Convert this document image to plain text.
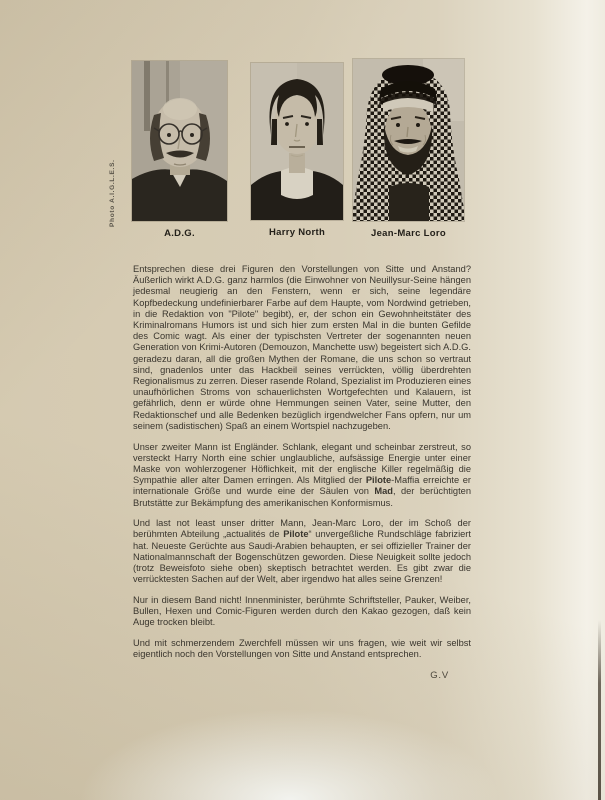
Photo A.I.G.L.E.S.
A.D.G.	Harry North	Jean-Marc Loro

Entsprechen diese drei Figuren den Vorstellungen von Sitte und Anstand? Äußerlich wirkt A.D.G. ganz harmlos (die Einwohner von Neuillysur-Seine hängen jedesmal neugierig an den Fenstern, wenn er sich, seine legendäre Kopfbedeckung undefinierbarer Farbe auf dem Haupte, vom Nordwind getrieben, in die Redaktion von "Pilote" begibt), er, der schon ein Gewohnheitstäter des Kriminalromans Humors ist und sich hier zum ersten Mal in die bunten Gefilde des Comic wagt. Als einer der typischsten Vertreter der sogenannten neuen Generation von Krimi-Autoren (Demouzon, Manchette usw) begeistert sich A.D.G. geradezu daran, all die großen Mythen der Romane, die uns schon so vertraut sind, gnadenlos unter das Hackbeil seines verrückten, völlig überdrehten Regionalismus zu zerren. Dieser rasende Roland, Spezialist im Produzieren eines unaufhörlichen Stroms von schauerlichsten Wortgefechten und Kalauern, ist gefährlich, denn er würde ohne Hemmungen seinen Vater, seine Mutter, den Redaktionschef und alle Bedenken bezüglich irgendwelcher Fans opfern, nur um seinem (sadistischen) Spaß an einem Wortspiel nachzugeben.

Unser zweiter Mann ist Engländer. Schlank, elegant und scheinbar zerstreut, so versteckt Harry North eine schier unglaubliche, aufsässige Energie unter einer Maske von wohlerzogener Höflichkeit, mit der englische Killer regelmäßig die Sympathie aller alter Damen erringen. Als Mitglied der Pilote-Maffia erreichte er internationale Größe und wurde eine der Säulen von Mad, der berüchtigten Brutstätte zur Bekämpfung des amerikanischen Konformismus.

Und last not least unser dritter Mann, Jean-Marc Loro, der im Schoß der berühmten Abteilung „actualités de Pilote“ unvergeßliche Rundschläge fabriziert hat. Neueste Gerüchte aus Saudi-Arabien behaupten, er sei offizieller Trainer der Nationalmannschaft der Bogenschützen geworden. Diese Neuigkeit sollte jedoch (trotz Beweisfoto siehe oben) skeptisch betrachtet werden. Es gibt zwar die verrücktesten Sachen auf der Welt, aber irgendwo hat alles seine Grenzen!

Nur in diesem Band nicht! Innenminister, berühmte Schriftsteller, Pauker, Weiber, Bullen, Hexen und Comic-Figuren werden durch den Kakao gezogen, daß kein Auge trocken bleibt.

Und mit schmerzendem Zwerchfell müssen wir uns fragen, wie weit wir selbst eigentlich noch den Vorstellungen von Sitte und Anstand entsprechen.

G.V
